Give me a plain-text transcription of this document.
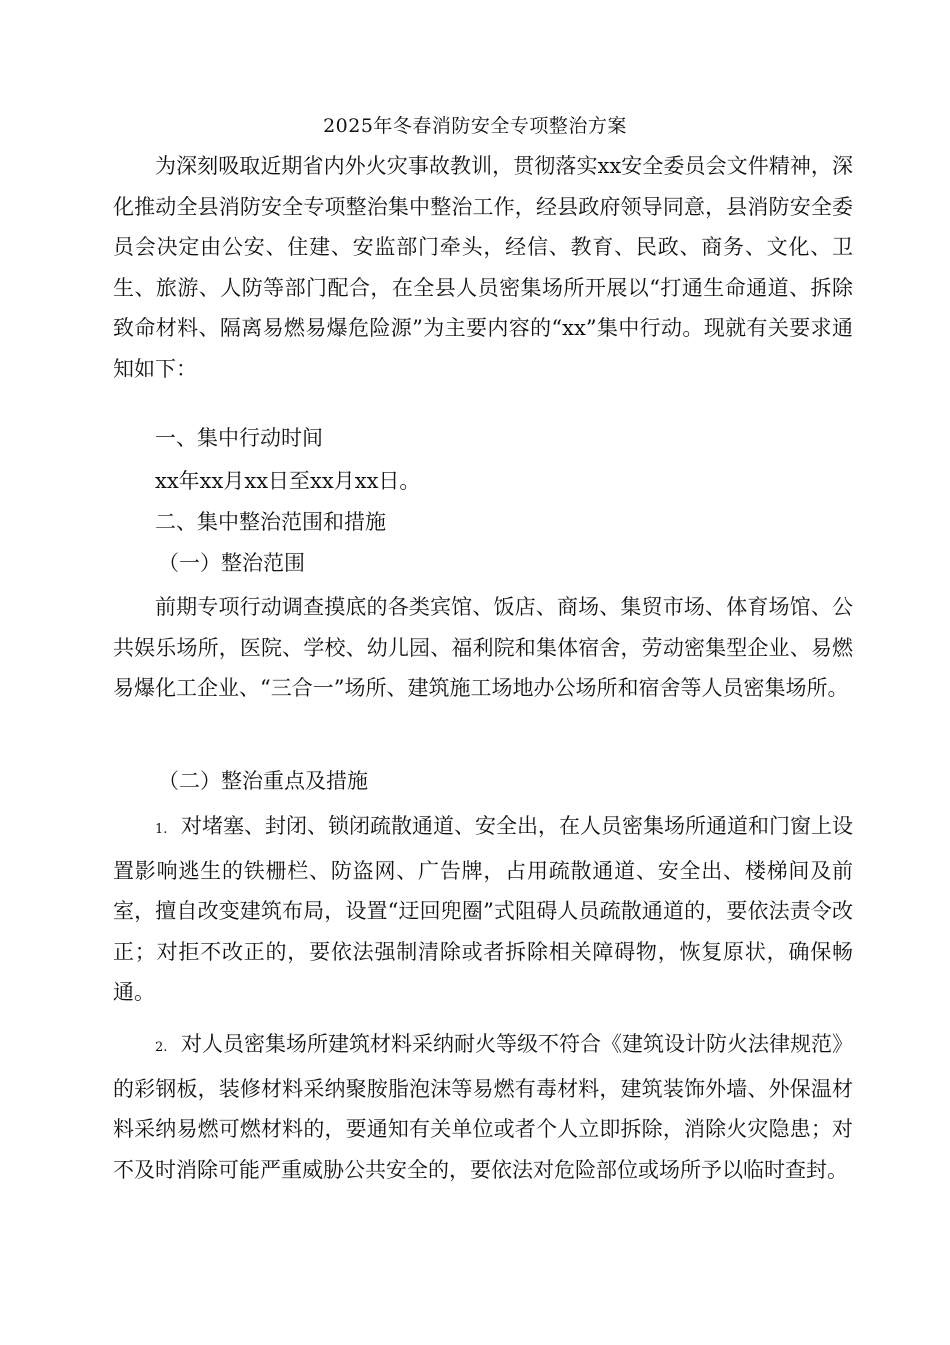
2025年冬春消防安全专项整治方案

为深刻吸取近期省内外火灾事故教训，贯彻落实xx安全委员会文件精神，深化推动全县消防安全专项整治集中整治工作，经县政府领导同意，县消防安全委员会决定由公安、住建、安监部门牵头，经信、教育、民政、商务、文化、卫生、旅游、人防等部门配合，在全县人员密集场所开展以“打通生命通道、拆除致命材料、隔离易燃易爆危险源”为主要内容的“xx”集中行动。现就有关要求通知如下：

一、集中行动时间

xx年xx月xx日至xx月xx日。

二、集中整治范围和措施

（一）整治范围

前期专项行动调查摸底的各类宾馆、饭店、商场、集贸市场、体育场馆、公共娱乐场所，医院、学校、幼儿园、福利院和集体宿舍，劳动密集型企业、易燃易爆化工企业、“三合一”场所、建筑施工场地办公场所和宿舍等人员密集场所。

（二）整治重点及措施

1. 对堵塞、封闭、锁闭疏散通道、安全出，在人员密集场所通道和门窗上设置影响逃生的铁栅栏、防盗网、广告牌，占用疏散通道、安全出、楼梯间及前室，擅自改变建筑布局，设置“迂回兜圈”式阻碍人员疏散通道的，要依法责令改正；对拒不改正的，要依法强制清除或者拆除相关障碍物，恢复原状，确保畅通。

2. 对人员密集场所建筑材料采纳耐火等级不符合《建筑设计防火法律规范》的彩钢板，装修材料采纳聚胺脂泡沫等易燃有毒材料，建筑装饰外墙、外保温材料采纳易燃可燃材料的，要通知有关单位或者个人立即拆除，消除火灾隐患；对不及时消除可能严重威胁公共安全的，要依法对危险部位或场所予以临时查封。
